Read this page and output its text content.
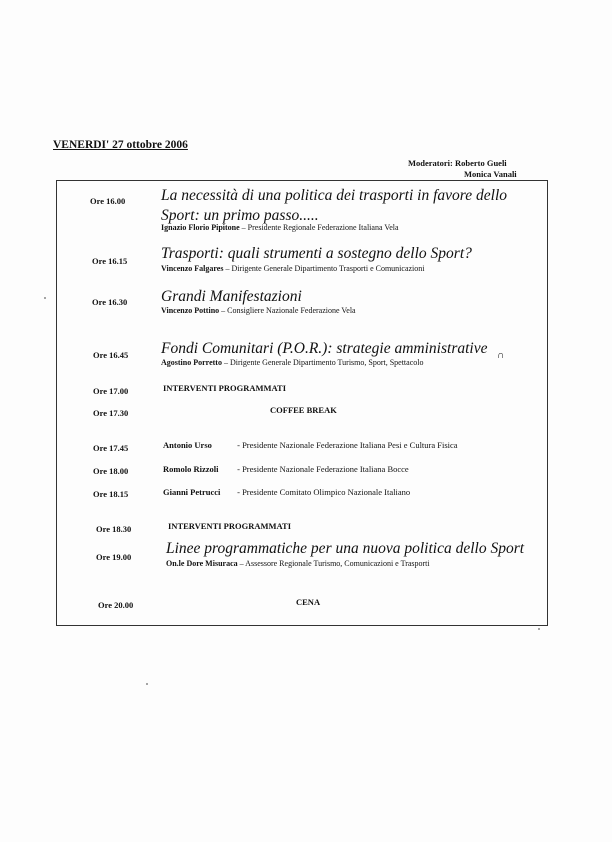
VENERDI' 27 ottobre 2006
Moderatori: Roberto Gueli
Monica Vanali
Ore 16.00 La necessità di una politica dei trasporti in favore dello
Sport: un primo passo.....
Ignazio Florio Pipitone – Presidente Regionale Federazione Italiana Vela
Ore 16.15 Trasporti: quali strumenti a sostegno dello Sport?
Vincenzo Falgares – Dirigente Generale Dipartimento Trasporti e Comunicazioni
Ore 16.30 Grandi Manifestazioni
Vincenzo Pottino – Consigliere Nazionale Federazione Vela
Ore 16.45 Fondi Comunitari (P.O.R.): strategie amministrative
Agostino Porretto – Dirigente Generale Dipartimento Turismo, Sport, Spettacolo
∩
Ore 17.00	INTERVENTI PROGRAMMATI
Ore 17.30	COFFEE BREAK
Ore 17.45	Antonio Urso	- Presidente Nazionale Federazione Italiana Pesi e Cultura Fisica
Ore 18.00	Romolo Rizzoli - Presidente Nazionale Federazione Italiana Bocce
Ore 18.15	Gianni Petrucci - Presidente Comitato Olimpico Nazionale Italiano
Ore 18.30	INTERVENTI PROGRAMMATI
Ore 19.00 Linee programmatiche per una nuova politica dello Sport
On.le Dore Misuraca – Assessore Regionale Turismo, Comunicazioni e Trasporti
Ore 20.00	CENA
